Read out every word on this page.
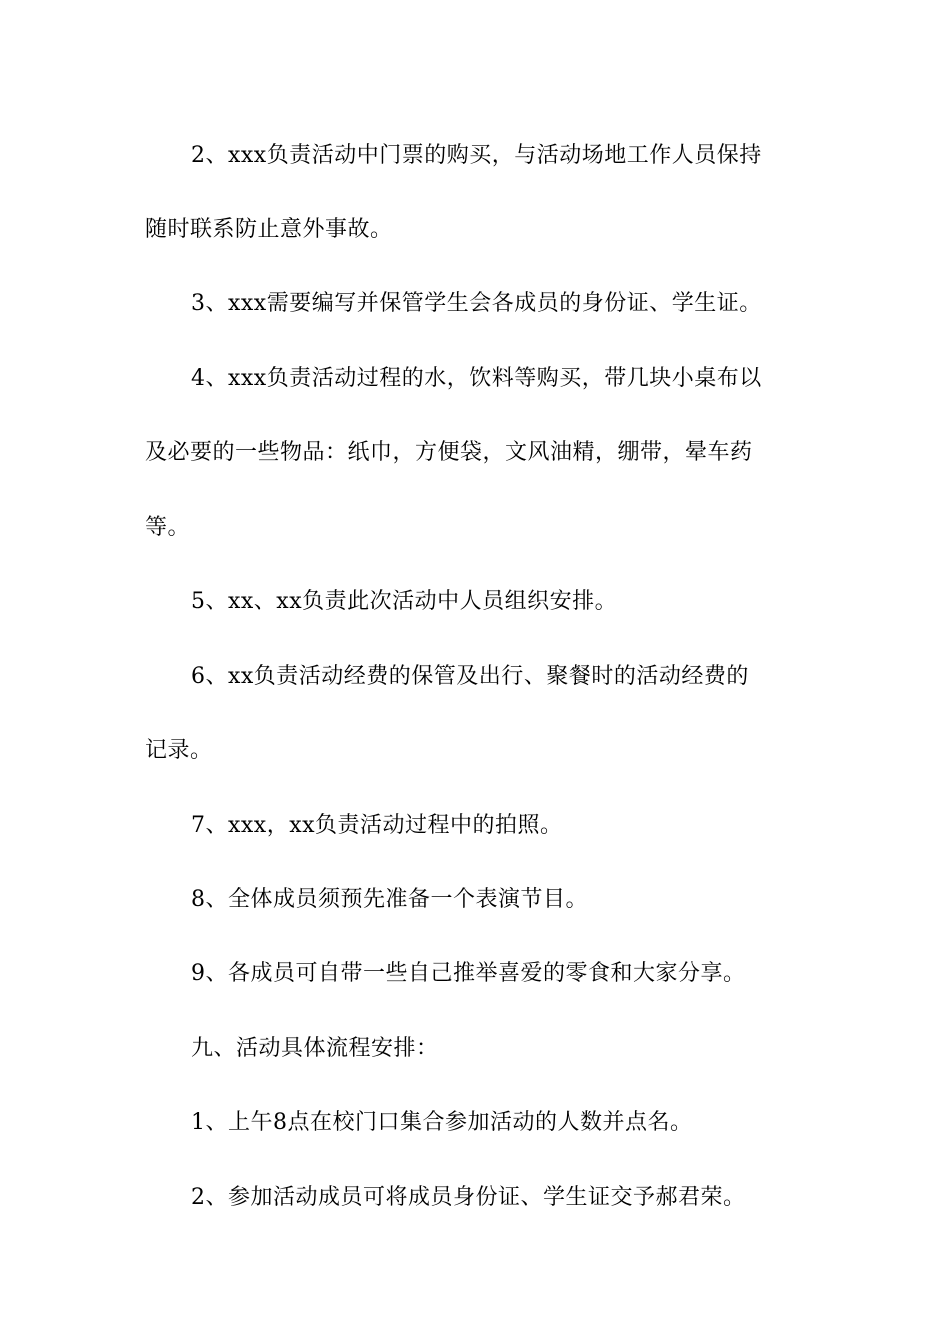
2、xxx负责活动中门票的购买，与活动场地工作人员保持

随时联系防止意外事故。

3、xxx需要编写并保管学生会各成员的身份证、学生证。

4、xxx负责活动过程的水，饮料等购买，带几块小桌布以

及必要的一些物品：纸巾，方便袋，文风油精，绷带，晕车药

等。

5、xx、xx负责此次活动中人员组织安排。

6、xx负责活动经费的保管及出行、聚餐时的活动经费的

记录。

7、xxx，xx负责活动过程中的拍照。

8、全体成员须预先准备一个表演节目。

9、各成员可自带一些自己推举喜爱的零食和大家分享。

九、活动具体流程安排：

1、上午8点在校门口集合参加活动的人数并点名。

2、参加活动成员可将成员身份证、学生证交予郝君荣。
